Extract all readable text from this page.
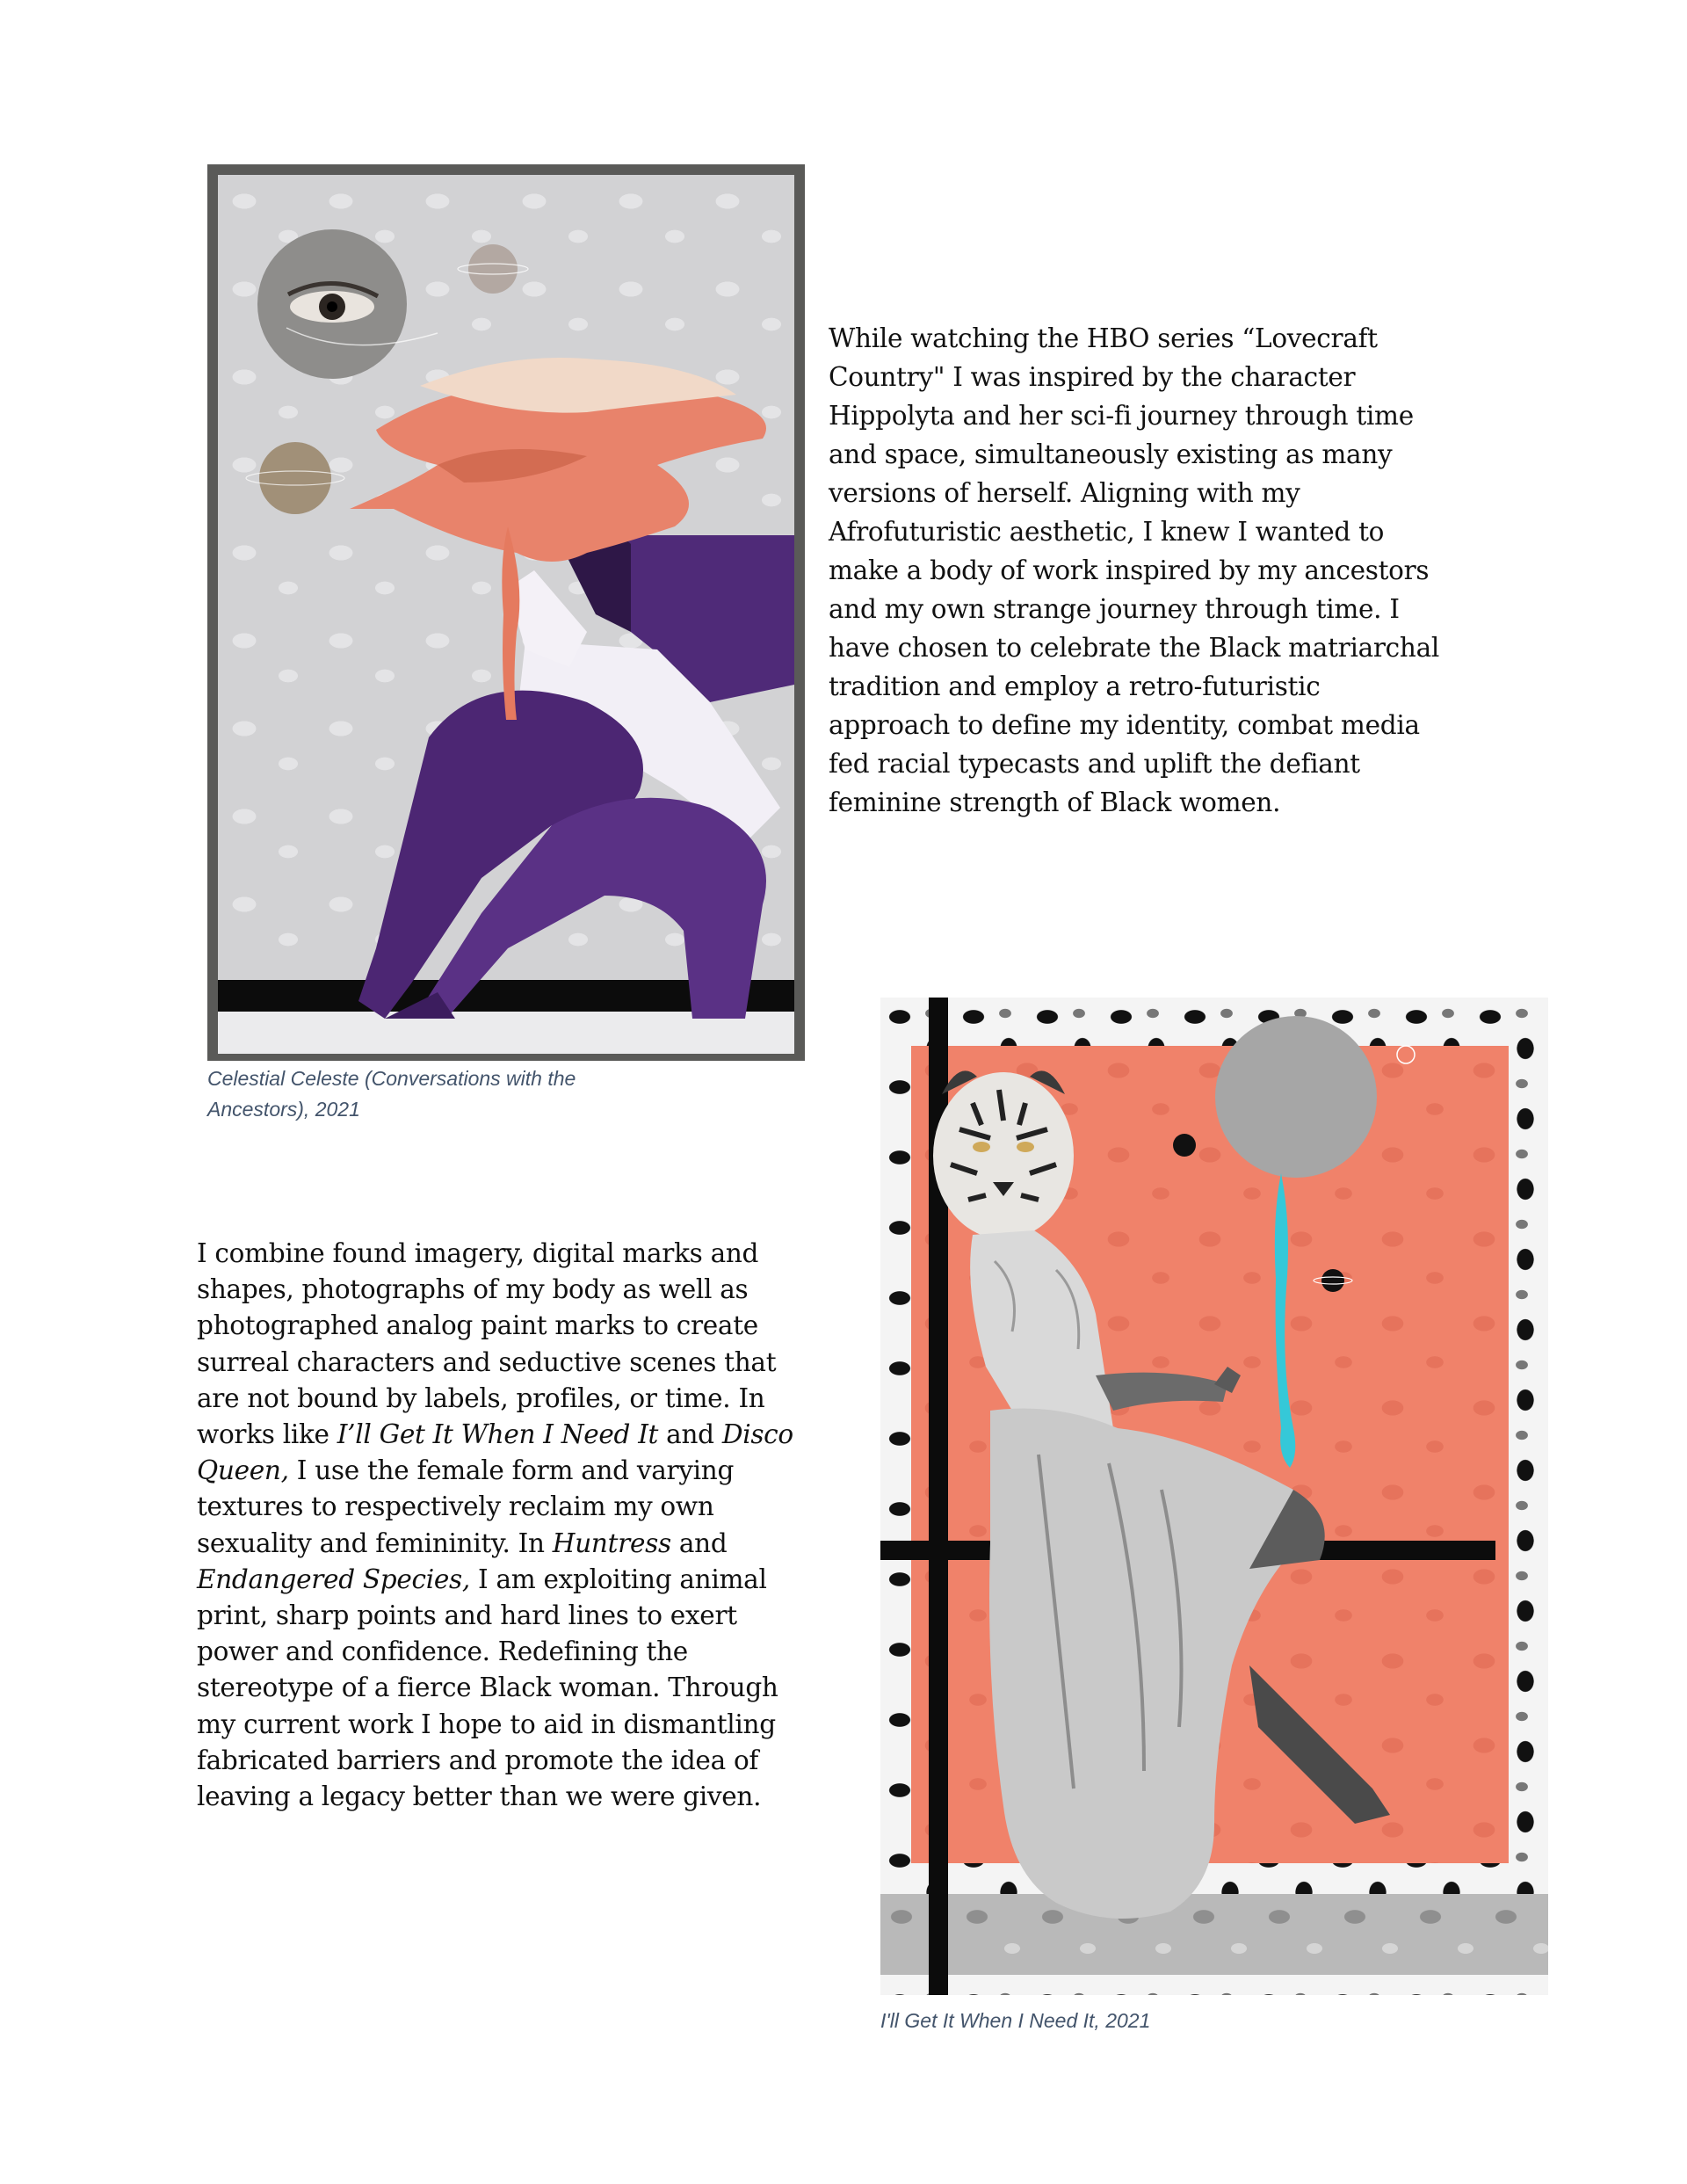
Celestial Celeste (Conversations with the
Ancestors), 2021
While watching the HBO series “Lovecraft
Country" I was inspired by the character
Hippolyta and her sci-fi journey through time
and space, simultaneously existing as many
versions of herself. Aligning with my
Afrofuturistic aesthetic, I knew I wanted to
make a body of work inspired by my ancestors
and my own strange journey through time. I
have chosen to celebrate the Black matriarchal
tradition and employ a retro-futuristic
approach to define my identity, combat media
fed racial typecasts and uplift the defiant
feminine strength of Black women.
I combine found imagery, digital marks and
shapes, photographs of my body as well as
photographed analog paint marks to create
surreal characters and seductive scenes that
are not bound by labels, profiles, or time. In
works like I’ll Get It When I Need It and Disco
Queen, I use the female form and varying
textures to respectively reclaim my own
sexuality and femininity. In Huntress and
Endangered Species, I am exploiting animal
print, sharp points and hard lines to exert
power and confidence. Redefining the
stereotype of a fierce Black woman. Through
my current work I hope to aid in dismantling
fabricated barriers and promote the idea of
leaving a legacy better than we were given.
I'll Get It When I Need It, 2021
